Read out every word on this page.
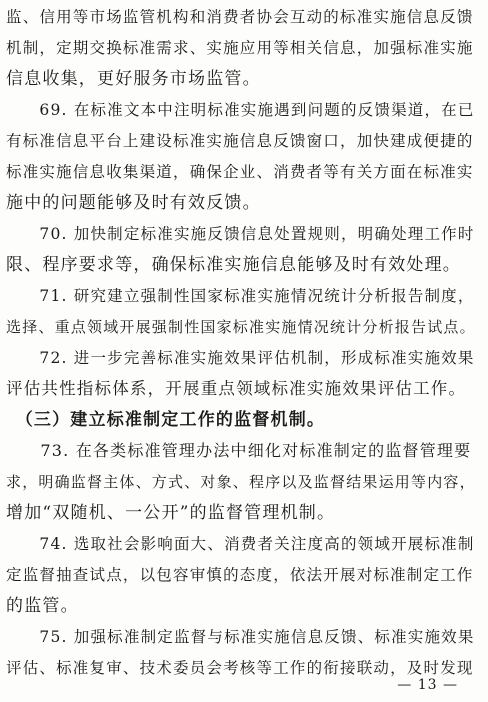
监、信用等市场监管机构和消费者协会互动的标准实施信息反馈
机制，定期交换标准需求、实施应用等相关信息，加强标准实施
信息收集，更好服务市场监管。
　　69. 在标准文本中注明标准实施遇到问题的反馈渠道，在已
有标准信息平台上建设标准实施信息反馈窗口，加快建成便捷的
标准实施信息收集渠道，确保企业、消费者等有关方面在标准实
施中的问题能够及时有效反馈。
　　70. 加快制定标准实施反馈信息处置规则，明确处理工作时
限、程序要求等，确保标准实施信息能够及时有效处理。
　　71. 研究建立强制性国家标准实施情况统计分析报告制度，
选择、重点领域开展强制性国家标准实施情况统计分析报告试点。
　　72. 进一步完善标准实施效果评估机制，形成标准实施效果
评估共性指标体系，开展重点领域标准实施效果评估工作。
　（三）建立标准制定工作的监督机制。
　　73. 在各类标准管理办法中细化对标准制定的监督管理要
求，明确监督主体、方式、对象、程序以及监督结果运用等内容，
增加“双随机、一公开”的监督管理机制。
　　74. 选取社会影响面大、消费者关注度高的领域开展标准制
定监督抽查试点，以包容审慎的态度，依法开展对标准制定工作
的监管。
　　75. 加强标准制定监督与标准实施信息反馈、标准实施效果
评估、标准复审、技术委员会考核等工作的衔接联动，及时发现
— 13 —
